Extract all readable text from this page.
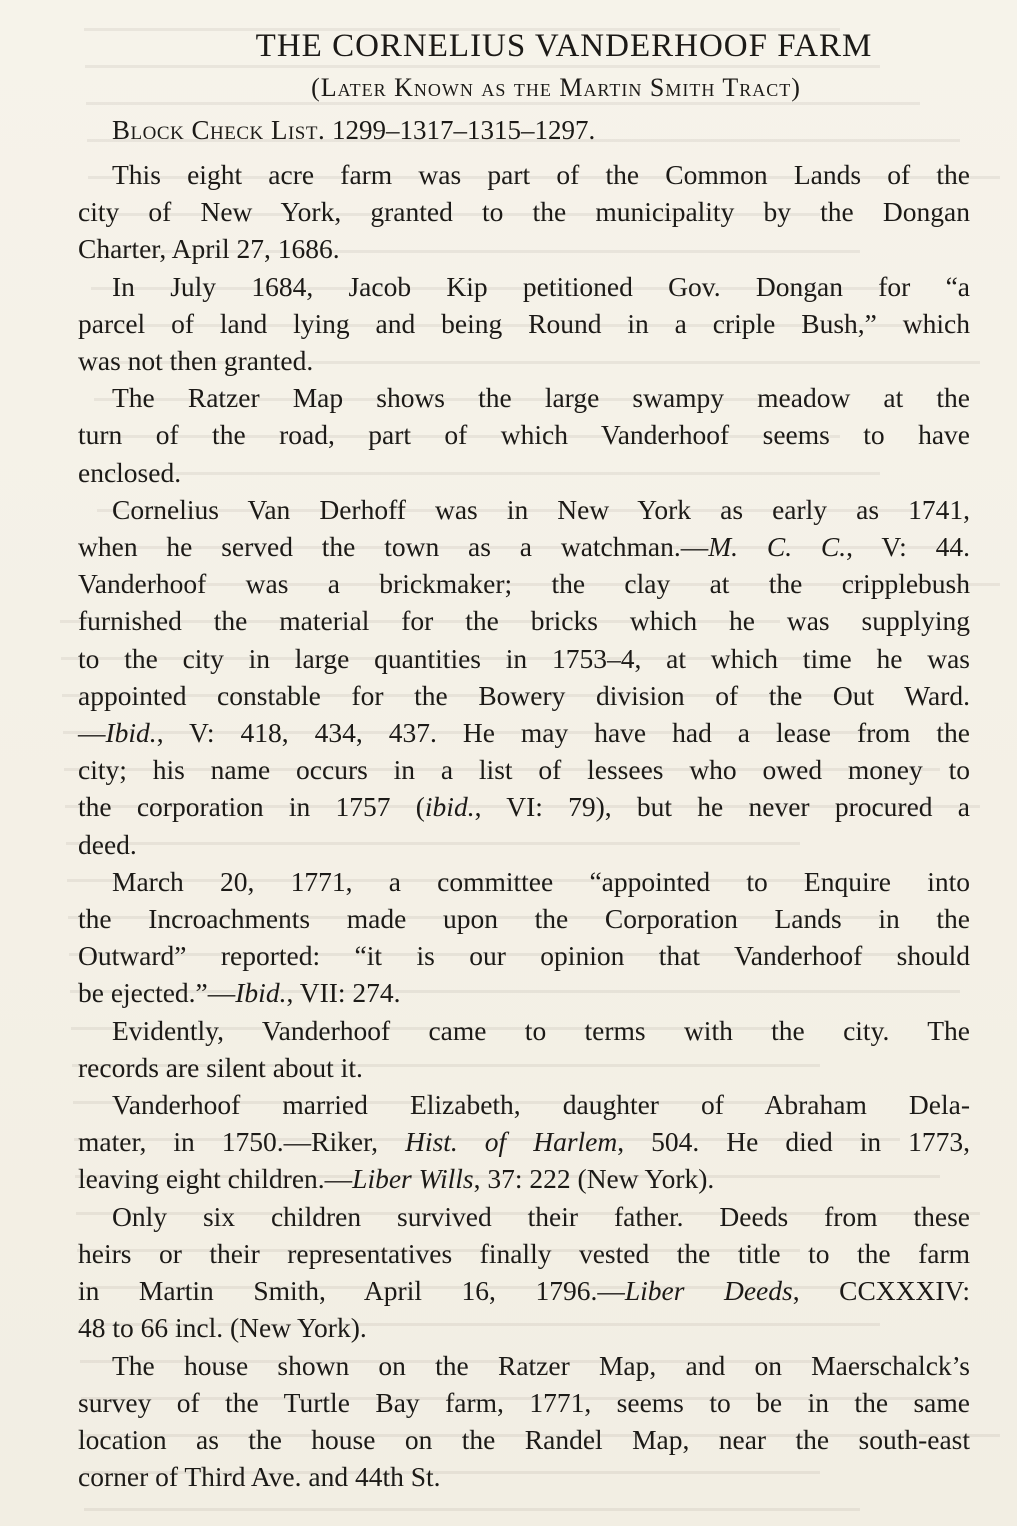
THE CORNELIUS VANDERHOOF FARM
(Later Known as the Martin Smith Tract)
Block Check List. 1299–1317–1315–1297.

This eight acre farm was part of the Common Lands of the
city of New York, granted to the municipality by the Dongan
Charter, April 27, 1686.

In July 1684, Jacob Kip petitioned Gov. Dongan for “a
parcel of land lying and being Round in a criple Bush,” which
was not then granted.

The Ratzer Map shows the large swampy meadow at the
turn of the road, part of which Vanderhoof seems to have
enclosed.

Cornelius Van Derhoff was in New York as early as 1741,
when he served the town as a watchman.—M. C. C., V: 44.
Vanderhoof was a brickmaker; the clay at the cripplebush
furnished the material for the bricks which he was supplying
to the city in large quantities in 1753–4, at which time he was
appointed constable for the Bowery division of the Out Ward.
—Ibid., V: 418, 434, 437. He may have had a lease from the
city; his name occurs in a list of lessees who owed money to
the corporation in 1757 (ibid., VI: 79), but he never procured a
deed.

March 20, 1771, a committee “appointed to Enquire into
the Incroachments made upon the Corporation Lands in the
Outward” reported: “it is our opinion that Vanderhoof should
be ejected.”—Ibid., VII: 274.

Evidently, Vanderhoof came to terms with the city. The
records are silent about it.

Vanderhoof married Elizabeth, daughter of Abraham Dela-
mater, in 1750.—Riker, Hist. of Harlem, 504. He died in 1773,
leaving eight children.—Liber Wills, 37: 222 (New York).

Only six children survived their father. Deeds from these
heirs or their representatives finally vested the title to the farm
in Martin Smith, April 16, 1796.—Liber Deeds, CCXXXIV:
48 to 66 incl. (New York).

The house shown on the Ratzer Map, and on Maerschalck’s
survey of the Turtle Bay farm, 1771, seems to be in the same
location as the house on the Randel Map, near the south-east
corner of Third Ave. and 44th St.
